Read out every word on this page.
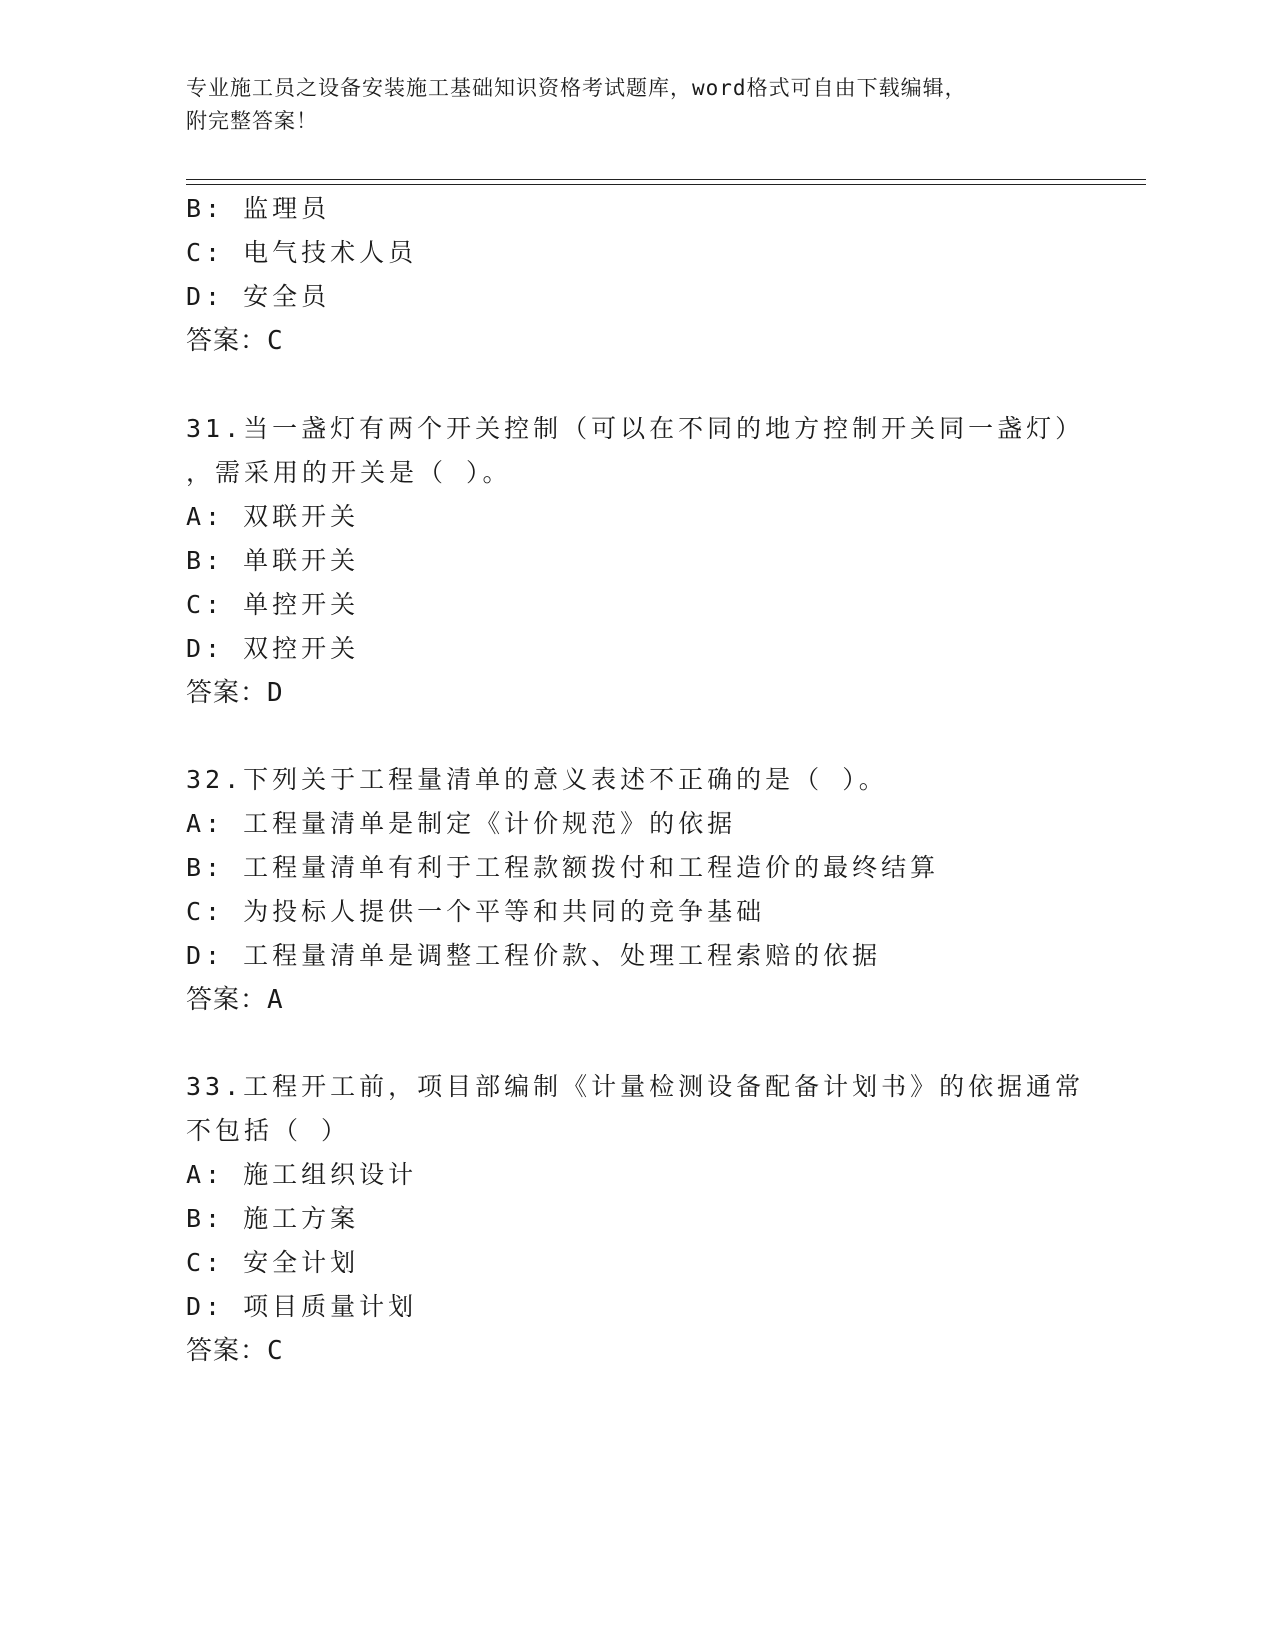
专业施工员之设备安装施工基础知识资格考试题库，word格式可自由下载编辑，
附完整答案！
B: 监理员
C: 电气技术人员
D: 安全员
答案：C
31.当一盏灯有两个开关控制（可以在不同的地方控制开关同一盏灯）
，需采用的开关是（ ）。
A: 双联开关
B: 单联开关
C: 单控开关
D: 双控开关
答案：D
32.下列关于工程量清单的意义表述不正确的是（ ）。
A: 工程量清单是制定《计价规范》的依据
B: 工程量清单有利于工程款额拨付和工程造价的最终结算
C: 为投标人提供一个平等和共同的竞争基础
D: 工程量清单是调整工程价款、处理工程索赔的依据
答案：A
33.工程开工前，项目部编制《计量检测设备配备计划书》的依据通常
不包括（ ）
A: 施工组织设计
B: 施工方案
C: 安全计划
D: 项目质量计划
答案：C
